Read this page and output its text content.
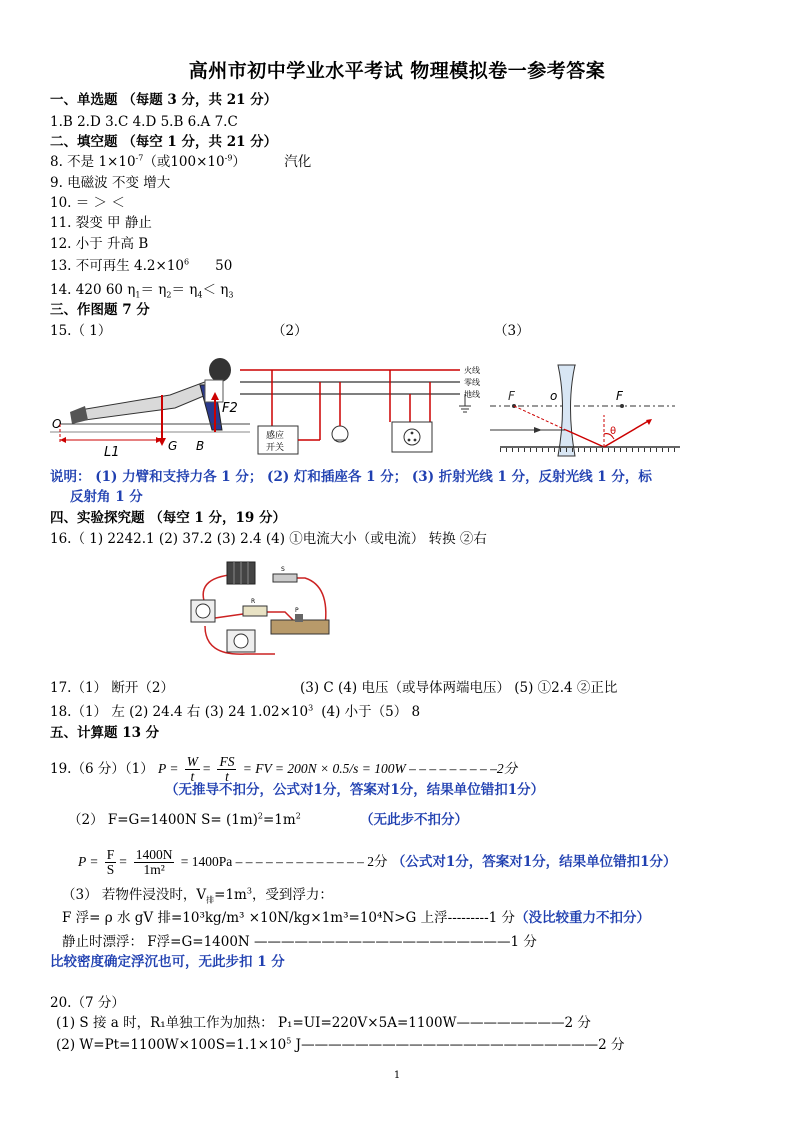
高州市初中学业水平考试 物理模拟卷一参考答案
一、单选题 （每题 3 分，共 21 分）
1.B 2.D 3.C 4.D 5.B 6.A 7.C
二、填空题 （每空 1 分，共 21 分）
8. 不是 $1\times 10^{-7}$（或$100\times 10^{-9}$）	汽化
9. 电磁波 不变 增大
10. ＝ ＞ ＜
11. 裂变 甲 静止
12. 小于 升高 B
13. 不可再生 $4.2\times 10^6$ 50
14. 420 60 $\eta_1= \eta_2= \eta_4< \eta_3$
三、作图题 7 分
15.（ 1）	（2）	（3）
O
G
F2
L1	B
火线
零线
地线
感应
开关
F	o	F
θ
说明： (1) 力臂和支持力各 1 分； (2) 灯和插座各 1 分； (3) 折射光线 1 分，反射光线 1 分，标
反射角 1 分
四、实验探究题 （每空 1 分，19 分）
16.（ 1) 2242.1 (2) 37.2 (3) 2.4 (4) ①电流大小（或电流） 转换 ②右
S
R
P
17.（1） 断开（2）	(3) C (4) 电压（或导体两端电压） (5) ①2.4 ②正比
18.（1） 左 (2) 24.4 右 (3) 24 $1.02\times 10^3$ (4) 小于（5） 8
五、计算题 13 分
19.（6 分）（1） $P = \frac{W}{t} = \frac{FS}{t}$ = FV = 200N × 0.5/s = 100W – – – – – – – – –2分
（无推导不扣分，公式对1分，答案对1分，结果单位错扣1分）
（2） F=G=1400N $S= (1m)^2=1m^2$	（无此步不扣分）
$P = \frac{F}{S} = \frac{1400N}{\text{1m²}} = 1400Pa$ – – – – – – – – – – – – – 2分 （公式对1分，答案对1分，结果单位错扣1分）
（3） 若物件浸没时，$V_排=1m^3$，受到浮力：
F 浮= ρ 水 gV 排=10³kg/m³ ×10N/kg×1m³=10⁴N>G 上浮---------1 分（没比较重力不扣分）
静止时漂浮： F浮=G=1400N ———————————————————1 分
比较密度确定浮沉也可，无此步扣 1 分
20.（7 分）
(1) S 接 a 时，R₁单独工作为加热： P₁=UI=220V×5A=1100W————————2 分
(2) $W=Pt=1100W\times 100S=1.1\times 10^5$ J——————————————————————2 分
1
